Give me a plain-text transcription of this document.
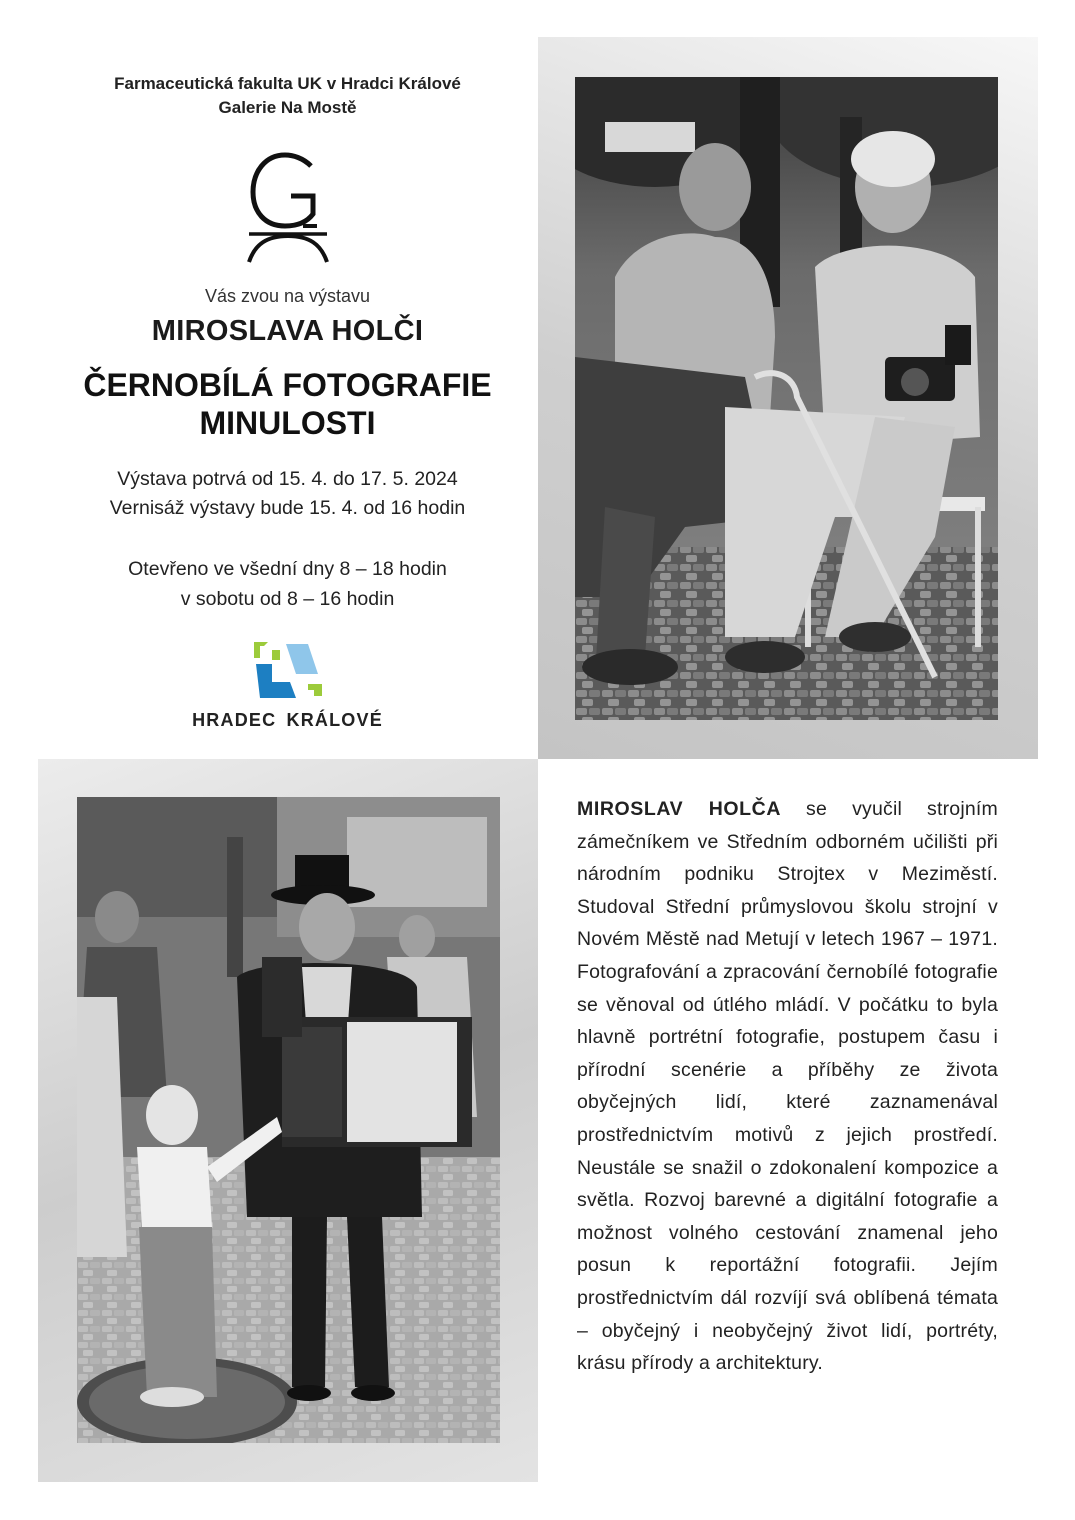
Farmaceutická fakulta UK v Hradci Králové
Galerie Na Mostě
Vás zvou na výstavu
MIROSLAVA HOLČI
ČERNOBÍLÁ FOTOGRAFIE
MINULOSTI
Výstava potrvá od 15. 4. do 17. 5. 2024
Vernisáž výstavy bude 15. 4. od 16 hodin
Otevřeno ve všední dny 8 – 18 hodin
v sobotu od 8 – 16 hodin
HRADEC KRÁLOVÉ
MIROSLAV HOLČA se vyučil strojním zámečníkem ve Středním odborném učilišti při národním podniku Strojtex v Meziměstí. Studoval Střední průmyslovou školu strojní v Novém Městě nad Metují v letech 1967 – 1971. Fotografování a zpracování černobílé fotografie se věnoval od útlého mládí. V počátku to byla hlavně portrétní fotografie, postupem času i přírodní scenérie a příběhy ze života obyčejných lidí, které zaznamenával prostřednictvím motivů z jejich prostředí. Neustále se snažil o zdokonalení kompozice a světla. Rozvoj barevné a digitální fotografie a možnost volného cestování znamenal jeho posun k reportážní fotografii. Jejím prostřednictvím dál rozvíjí svá oblíbená témata – obyčejný i neobyčejný život lidí, portréty, krásu přírody a architektury.
